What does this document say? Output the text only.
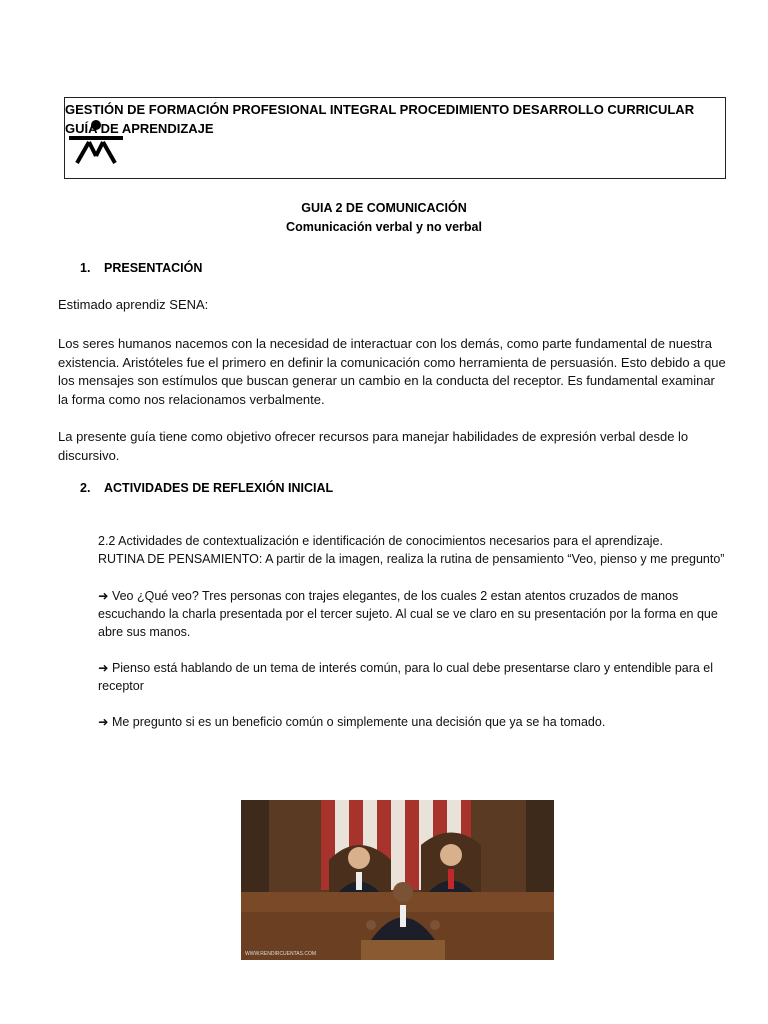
GESTIÓN DE FORMACIÓN PROFESIONAL INTEGRAL PROCEDIMIENTO DESARROLLO CURRICULAR GUÍA DE APRENDIZAJE
GUIA 2 DE COMUNICACIÓN
Comunicación verbal y no verbal
1. PRESENTACIÓN
Estimado aprendiz SENA:
Los seres humanos nacemos con la necesidad de interactuar con los demás, como parte fundamental de nuestra existencia. Aristóteles fue el primero en definir la comunicación como herramienta de persuasión. Esto debido a que los mensajes son estímulos que buscan generar un cambio en la conducta del receptor. Es fundamental examinar la forma como nos relacionamos verbalmente.
La presente guía tiene como objetivo ofrecer recursos para manejar habilidades de expresión verbal desde lo discursivo.
2. ACTIVIDADES DE REFLEXIÓN INICIAL
2.2 Actividades de contextualización e identificación de conocimientos necesarios para el aprendizaje.
RUTINA DE PENSAMIENTO: A partir de la imagen, realiza la rutina de pensamiento “Veo, pienso y me pregunto”
➜ Veo ¿Qué veo? Tres personas con trajes elegantes, de los cuales 2 estan atentos cruzados de manos escuchando la charla presentada por el tercer sujeto. Al cual se ve claro en su presentación por la forma en que abre sus manos.
➜ Pienso está hablando de un tema de interés común, para lo cual debe presentarse claro y entendible para el receptor
➜ Me pregunto si es un beneficio común o simplemente una decisión que ya se ha tomado.
WWW.RENDIRCUENTAS.COM
